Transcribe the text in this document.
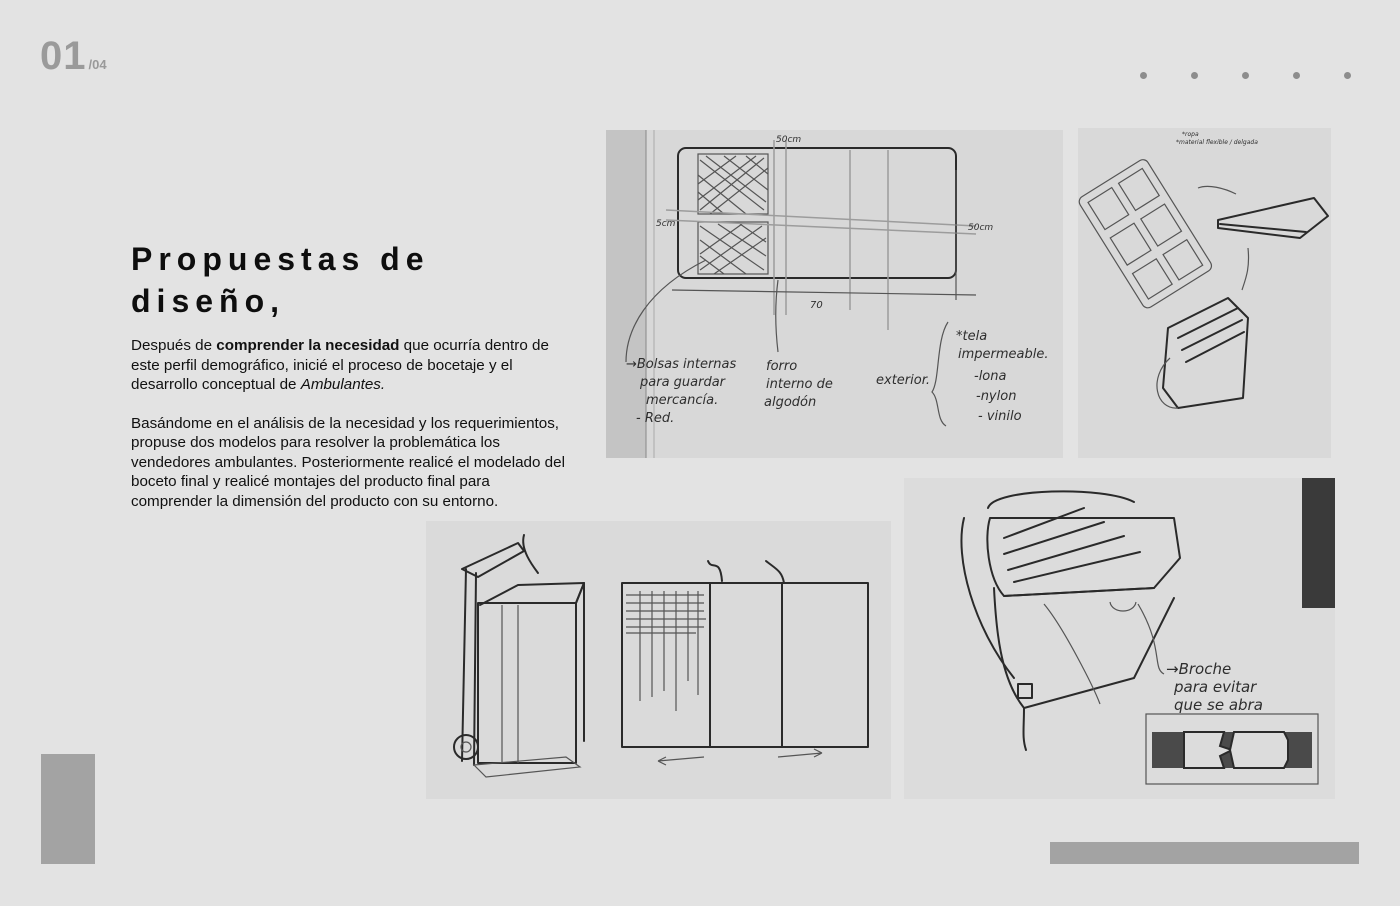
01 /04
Propuestas de
diseño,

Después de comprender la necesidad que ocurría dentro de este perfil demográfico, inicié el proceso de bocetaje y el desarrollo conceptual de Ambulantes.

Basándome en el análisis de la necesidad y los requerimientos, propuse dos modelos para resolver la problemática los vendedores ambulantes. Posteriormente realicé el modelado del boceto final y realicé montajes del producto final para comprender la dimensión del producto con su entorno.

50cm
5cm	50cm
70
→Bolsas internas
para guardar
mercancía.
- Red.
forro
interno de
algodón
exterior.
*tela
impermeable.
-lona
-nylon
- vinilo
*ropa
*material flexible / delgada
→Broche
para evitar
que se abra
